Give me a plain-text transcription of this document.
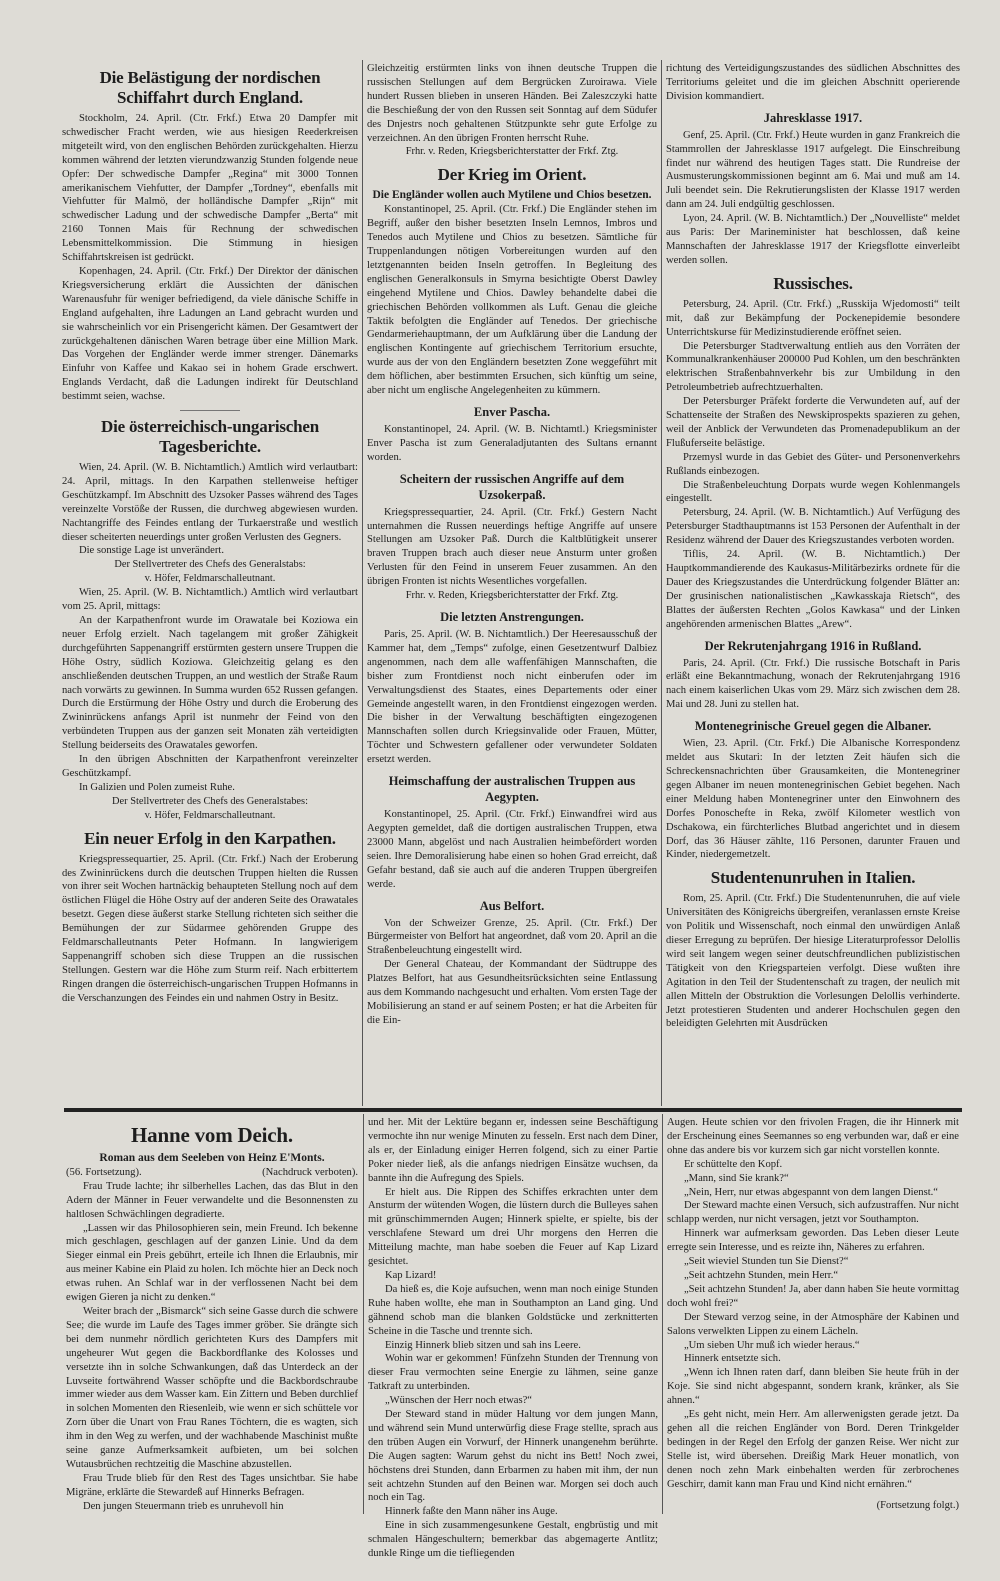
Die Belästigung der nordischen Schiffahrt durch England.

Stockholm, 24. April. (Ctr. Frkf.) Etwa 20 Dampfer mit schwedischer Fracht werden, wie aus hiesigen Reederkreisen mitgeteilt wird, von den englischen Behörden zurückgehalten. Hierzu kommen während der letzten vierundzwanzig Stunden folgende neue Opfer: Der schwedische Dampfer „Regina“ mit 3000 Tonnen amerikanischem Viehfutter, der Dampfer „Tordney“, ebenfalls mit Viehfutter für Malmö, der holländische Dampfer „Rijn“ mit schwedischer Ladung und der schwedische Dampfer „Berta“ mit 2160 Tonnen Mais für Rechnung der schwedischen Lebensmittelkommission. Die Stimmung in hiesigen Schiffahrtskreisen ist gedrückt.

Kopenhagen, 24. April. (Ctr. Frkf.) Der Direktor der dänischen Kriegsversicherung erklärt die Aussichten der dänischen Warenausfuhr für weniger befriedigend, da viele dänische Schiffe in England aufgehalten, ihre Ladungen an Land gebracht wurden und sie wahrscheinlich vor ein Prisengericht kämen. Der Gesamtwert der zurückgehaltenen dänischen Waren betrage über eine Million Mark. Das Vorgehen der Engländer werde immer strenger. Dänemarks Einfuhr von Kaffee und Kakao sei in hohem Grade erschwert. Englands Verdacht, daß die Ladungen indirekt für Deutschland bestimmt seien, wachse.

Die österreichisch-ungarischen Tagesberichte.

Wien, 24. April. (W. B. Nichtamtlich.) Amtlich wird verlautbart: 24. April, mittags. In den Karpathen stellenweise heftiger Geschützkampf. Im Abschnitt des Uzsoker Passes während des Tages vereinzelte Vorstöße der Russen, die durchweg abgewiesen wurden. Nachtangriffe des Feindes entlang der Turkaerstraße und westlich dieser scheiterten neuerdings unter großen Verlusten des Gegners.

Die sonstige Lage ist unverändert.

Der Stellvertreter des Chefs des Generalstabs:

v. Höfer, Feldmarschalleutnant.

Wien, 25. April. (W. B. Nichtamtlich.) Amtlich wird verlautbart vom 25. April, mittags:

An der Karpathenfront wurde im Orawatale bei Koziowa ein neuer Erfolg erzielt. Nach tagelangem mit großer Zähigkeit durchgeführten Sappenangriff erstürmten gestern unsere Truppen die Höhe Ostry, südlich Koziowa. Gleichzeitig gelang es den anschließenden deutschen Truppen, an und westlich der Straße Raum nach vorwärts zu gewinnen. In Summa wurden 652 Russen gefangen. Durch die Erstürmung der Höhe Ostry und durch die Eroberung des Zwininrückens anfangs April ist nunmehr der Feind von den verbündeten Truppen aus der ganzen seit Monaten zäh verteidigten Stellung beiderseits des Orawatales geworfen.

In den übrigen Abschnitten der Karpathenfront vereinzelter Geschützkampf.

In Galizien und Polen zumeist Ruhe.

Der Stellvertreter des Chefs des Generalstabes:

v. Höfer, Feldmarschalleutnant.

Ein neuer Erfolg in den Karpathen.

Kriegspressequartier, 25. April. (Ctr. Frkf.) Nach der Eroberung des Zwininrückens durch die deutschen Truppen hielten die Russen von ihrer seit Wochen hartnäckig behaupteten Stellung noch auf dem östlichen Flügel die Höhe Ostry auf der anderen Seite des Orawatales besetzt. Gegen diese äußerst starke Stellung richteten sich seither die Bemühungen der zur Südarmee gehörenden Gruppe des Feldmarschalleutnants Peter Hofmann. In langwierigem Sappenangriff schoben sich diese Truppen an die russischen Stellungen. Gestern war die Höhe zum Sturm reif. Nach erbittertem Ringen drangen die österreichisch-ungarischen Truppen Hofmanns in die Verschanzungen des Feindes ein und nahmen Ostry in Besitz.

Gleichzeitig erstürmten links von ihnen deutsche Truppen die russischen Stellungen auf dem Bergrücken Zuroirawa. Viele hundert Russen blieben in unseren Händen. Bei Zaleszczyki hatte die Beschießung der von den Russen seit Sonntag auf dem Südufer des Dnjestrs noch gehaltenen Stützpunkte sehr gute Erfolge zu verzeichnen. An den übrigen Fronten herrscht Ruhe.

Frhr. v. Reden, Kriegsberichterstatter der Frkf. Ztg.

Der Krieg im Orient.

Die Engländer wollen auch Mytilene und Chios besetzen.

Konstantinopel, 25. April. (Ctr. Frkf.) Die Engländer stehen im Begriff, außer den bisher besetzten Inseln Lemnos, Imbros und Tenedos auch Mytilene und Chios zu besetzen. Sämtliche für Truppenlandungen nötigen Vorbereitungen wurden auf den letztgenannten beiden Inseln getroffen. In Begleitung des englischen Generalkonsuls in Smyrna besichtigte Oberst Dawley eingehend Mytilene und Chios. Dawley behandelte dabei die griechischen Behörden vollkommen als Luft. Genau die gleiche Taktik befolgten die Engländer auf Tenedos. Der griechische Gendarmeriehauptmann, der um Aufklärung über die Landung der englischen Kontingente auf griechischem Territorium ersuchte, wurde aus der von den Engländern besetzten Zone weggeführt mit dem höflichen, aber bestimmten Ersuchen, sich künftig um seine, aber nicht um englische Angelegenheiten zu kümmern.

Enver Pascha.

Konstantinopel, 24. April. (W. B. Nichtamtl.) Kriegsminister Enver Pascha ist zum Generaladjutanten des Sultans ernannt worden.

Scheitern der russischen Angriffe auf dem Uzsokerpaß.

Kriegspressequartier, 24. April. (Ctr. Frkf.) Gestern Nacht unternahmen die Russen neuerdings heftige Angriffe auf unsere Stellungen am Uzsoker Paß. Durch die Kaltblütigkeit unserer braven Truppen brach auch dieser neue Ansturm unter großen Verlusten für den Feind in unserem Feuer zusammen. An den übrigen Fronten ist nichts Wesentliches vorgefallen.

Frhr. v. Reden, Kriegsberichterstatter der Frkf. Ztg.

Die letzten Anstrengungen.

Paris, 25. April. (W. B. Nichtamtlich.) Der Heeresausschuß der Kammer hat, dem „Temps“ zufolge, einen Gesetzentwurf Dalbiez angenommen, nach dem alle waffenfähigen Mannschaften, die bisher zum Frontdienst noch nicht einberufen oder im Verwaltungsdienst des Staates, eines Departements oder einer Gemeinde angestellt waren, in den Frontdienst eingezogen werden. Die bisher in der Verwaltung beschäftigten eingezogenen Mannschaften sollen durch Kriegsinvalide oder Frauen, Mütter, Töchter und Schwestern gefallener oder verwundeter Soldaten ersetzt werden.

Heimschaffung der australischen Truppen aus Aegypten.

Konstantinopel, 25. April. (Ctr. Frkf.) Einwandfrei wird aus Aegypten gemeldet, daß die dortigen australischen Truppen, etwa 23000 Mann, abgelöst und nach Australien heimbefördert worden seien. Ihre Demoralisierung habe einen so hohen Grad erreicht, daß Gefahr bestand, daß sie auch auf die anderen Truppen übergreifen werde.

Aus Belfort.

Von der Schweizer Grenze, 25. April. (Ctr. Frkf.) Der Bürgermeister von Belfort hat angeordnet, daß vom 20. April an die Straßenbeleuchtung eingestellt wird.

Der General Chateau, der Kommandant der Südtruppe des Platzes Belfort, hat aus Gesundheitsrücksichten seine Entlassung aus dem Kommando nachgesucht und erhalten. Vom ersten Tage der Mobilisierung an stand er auf seinem Posten; er hat die Arbeiten für die Ein-

richtung des Verteidigungszustandes des südlichen Abschnittes des Territoriums geleitet und die im gleichen Abschnitt operierende Division kommandiert.

Jahresklasse 1917.

Genf, 25. April. (Ctr. Frkf.) Heute wurden in ganz Frankreich die Stammrollen der Jahresklasse 1917 aufgelegt. Die Einschreibung findet nur während des heutigen Tages statt. Die Rundreise der Ausmusterungskommissionen beginnt am 6. Mai und muß am 14. Juli beendet sein. Die Rekrutierungslisten der Klasse 1917 werden dann am 24. Juli endgültig geschlossen.

Lyon, 24. April. (W. B. Nichtamtlich.) Der „Nouvelliste“ meldet aus Paris: Der Marineminister hat beschlossen, daß keine Mannschaften der Jahresklasse 1917 der Kriegsflotte einverleibt werden sollen.

Russisches.

Petersburg, 24. April. (Ctr. Frkf.) „Russkija Wjedomosti“ teilt mit, daß zur Bekämpfung der Pockenepidemie besondere Unterrichtskurse für Medizinstudierende eröffnet seien.

Die Petersburger Stadtverwaltung entlieh aus den Vorräten der Kommunalkrankenhäuser 200000 Pud Kohlen, um den beschränkten elektrischen Straßenbahnverkehr bis zur Umbildung in den Petroleumbetrieb aufrechtzuerhalten.

Der Petersburger Präfekt forderte die Verwundeten auf, auf der Schattenseite der Straßen des Newskiprospekts spazieren zu gehen, weil der Anblick der Verwundeten das Promenadepublikum an der Flußuferseite belästige.

Przemysl wurde in das Gebiet des Güter- und Personenverkehrs Rußlands einbezogen.

Die Straßenbeleuchtung Dorpats wurde wegen Kohlenmangels eingestellt.

Petersburg, 24. April. (W. B. Nichtamtlich.) Auf Verfügung des Petersburger Stadthauptmanns ist 153 Personen der Aufenthalt in der Residenz während der Dauer des Kriegszustandes verboten worden.

Tiflis, 24. April. (W. B. Nichtamtlich.) Der Hauptkommandierende des Kaukasus-Militärbezirks ordnete für die Dauer des Kriegszustandes die Unterdrückung folgender Blätter an: Der grusinischen nationalistischen „Kawkasskaja Rietsch“, des Blattes der äußersten Rechten „Golos Kawkasa“ und der Linken angehörenden armenischen Blattes „Arew“.

Der Rekrutenjahrgang 1916 in Rußland.

Paris, 24. April. (Ctr. Frkf.) Die russische Botschaft in Paris erläßt eine Bekanntmachung, wonach der Rekrutenjahrgang 1916 nach einem kaiserlichen Ukas vom 29. März sich zwischen dem 28. Mai und 28. Juni zu stellen hat.

Montenegrinische Greuel gegen die Albaner.

Wien, 23. April. (Ctr. Frkf.) Die Albanische Korrespondenz meldet aus Skutari: In der letzten Zeit häufen sich die Schreckensnachrichten über Grausamkeiten, die Montenegriner gegen Albaner im neuen montenegrinischen Gebiet begehen. Nach einer Meldung haben Montenegriner unter den Einwohnern des Dorfes Ponoschefte in Reka, zwölf Kilometer westlich von Dschakowa, ein fürchterliches Blutbad angerichtet und in diesem Dorf, das 36 Häuser zählte, 116 Personen, darunter Frauen und Kinder, niedergemetzelt.

Studentenunruhen in Italien.

Rom, 25. April. (Ctr. Frkf.) Die Studentenunruhen, die auf viele Universitäten des Königreichs übergreifen, veranlassen ernste Kreise von Politik und Wissenschaft, noch einmal den unwürdigen Anlaß dieser Erregung zu beprüfen. Der hiesige Literaturprofessor Delollis wird seit langem wegen seiner deutschfreundlichen publizistischen Tätigkeit von den Kriegsparteien verfolgt. Diese wußten ihre Agitation in den Teil der Studentenschaft zu tragen, der neulich mit allen Mitteln der Obstruktion die Vorlesungen Delollis verhinderte. Jetzt protestieren Studenten und anderer Hochschulen gegen den beleidigten Gelehrten mit Ausdrücken

Hanne vom Deich.

Roman aus dem Seeleben von Heinz E'Monts.

(56. Fortsetzung).	(Nachdruck verboten).

Frau Trude lachte; ihr silberhelles Lachen, das das Blut in den Adern der Männer in Feuer verwandelte und die Besonnensten zu haltlosen Schwächlingen degradierte.

„Lassen wir das Philosophieren sein, mein Freund. Ich bekenne mich geschlagen, geschlagen auf der ganzen Linie. Und da dem Sieger einmal ein Preis gebührt, erteile ich Ihnen die Erlaubnis, mir aus meiner Kabine ein Plaid zu holen. Ich möchte hier an Deck noch etwas ruhen. An Schlaf war in der verflossenen Nacht bei dem ewigen Gieren ja nicht zu denken.“

Weiter brach der „Bismarck“ sich seine Gasse durch die schwere See; die wurde im Laufe des Tages immer gröber. Sie drängte sich bei dem nunmehr nördlich gerichteten Kurs des Dampfers mit ungeheurer Wut gegen die Backbordflanke des Kolosses und versetzte ihn in solche Schwankungen, daß das Unterdeck an der Luvseite fortwährend Wasser schöpfte und die Backbordschraube immer wieder aus dem Wasser kam. Ein Zittern und Beben durchlief in solchen Momenten den Riesenleib, wie wenn er sich schüttele vor Zorn über die Unart von Frau Ranes Töchtern, die es wagten, sich ihm in den Weg zu werfen, und der wachhabende Maschinist mußte seine ganze Aufmerksamkeit aufbieten, um bei solchen Wutausbrüchen rechtzeitig die Maschine abzustellen.

Frau Trude blieb für den Rest des Tages unsichtbar. Sie habe Migräne, erklärte die Stewardeß auf Hinnerks Befragen.

Den jungen Steuermann trieb es unruhevoll hin

und her. Mit der Lektüre begann er, indessen seine Beschäftigung vermochte ihn nur wenige Minuten zu fesseln. Erst nach dem Diner, als er, der Einladung einiger Herren folgend, sich zu einer Partie Poker nieder ließ, als die anfangs niedrigen Einsätze wuchsen, da bannte ihn die Aufregung des Spiels.

Er hielt aus. Die Rippen des Schiffes erkrachten unter dem Ansturm der wütenden Wogen, die lüstern durch die Bulleyes sahen mit grünschimmernden Augen; Hinnerk spielte, er spielte, bis der verschlafene Steward um drei Uhr morgens den Herren die Mitteilung machte, man habe soeben die Feuer auf Kap Lizard gesichtet.

Kap Lizard!

Da hieß es, die Koje aufsuchen, wenn man noch einige Stunden Ruhe haben wollte, ehe man in Southampton an Land ging. Und gähnend schob man die blanken Goldstücke und zerknitterten Scheine in die Tasche und trennte sich.

Einzig Hinnerk blieb sitzen und sah ins Leere.

Wohin war er gekommen! Fünfzehn Stunden der Trennung von dieser Frau vermochten seine Energie zu lähmen, seine ganze Tatkraft zu unterbinden.

„Wünschen der Herr noch etwas?“

Der Steward stand in müder Haltung vor dem jungen Mann, und während sein Mund unterwürfig diese Frage stellte, sprach aus den trüben Augen ein Vorwurf, der Hinnerk unangenehm berührte. Die Augen sagten: Warum gehst du nicht ins Bett! Noch zwei, höchstens drei Stunden, dann Erbarmen zu haben mit ihm, der nun seit achtzehn Stunden auf den Beinen war. Morgen sei doch auch noch ein Tag.

Hinnerk faßte den Mann näher ins Auge.

Eine in sich zusammengesunkene Gestalt, engbrüstig und mit schmalen Hängeschultern; bemerkbar das abgemagerte Antlitz; dunkle Ringe um die tiefliegenden

Augen. Heute schien vor den frivolen Fragen, die ihr Hinnerk mit der Erscheinung eines Seemannes so eng verbunden war, daß er eine ohne das andere bis vor kurzem sich gar nicht vorstellen konnte.

Er schüttelte den Kopf.

„Mann, sind Sie krank?“

„Nein, Herr, nur etwas abgespannt von dem langen Dienst.“

Der Steward machte einen Versuch, sich aufzustraffen. Nur nicht schlapp werden, nur nicht versagen, jetzt vor Southampton.

Hinnerk war aufmerksam geworden. Das Leben dieser Leute erregte sein Interesse, und es reizte ihn, Näheres zu erfahren.

„Seit wieviel Stunden tun Sie Dienst?“

„Seit achtzehn Stunden, mein Herr.“

„Seit achtzehn Stunden! Ja, aber dann haben Sie heute vormittag doch wohl frei?“

Der Steward verzog seine, in der Atmosphäre der Kabinen und Salons verwelkten Lippen zu einem Lächeln.

„Um sieben Uhr muß ich wieder heraus.“

Hinnerk entsetzte sich.

„Wenn ich Ihnen raten darf, dann bleiben Sie heute früh in der Koje. Sie sind nicht abgespannt, sondern krank, kränker, als Sie ahnen.“

„Es geht nicht, mein Herr. Am allerwenigsten gerade jetzt. Da gehen all die reichen Engländer von Bord. Deren Trinkgelder bedingen in der Regel den Erfolg der ganzen Reise. Wer nicht zur Stelle ist, wird übersehen. Dreißig Mark Heuer monatlich, von denen noch zehn Mark einbehalten werden für zerbrochenes Geschirr, damit kann man Frau und Kind nicht ernähren.“

(Fortsetzung folgt.)
